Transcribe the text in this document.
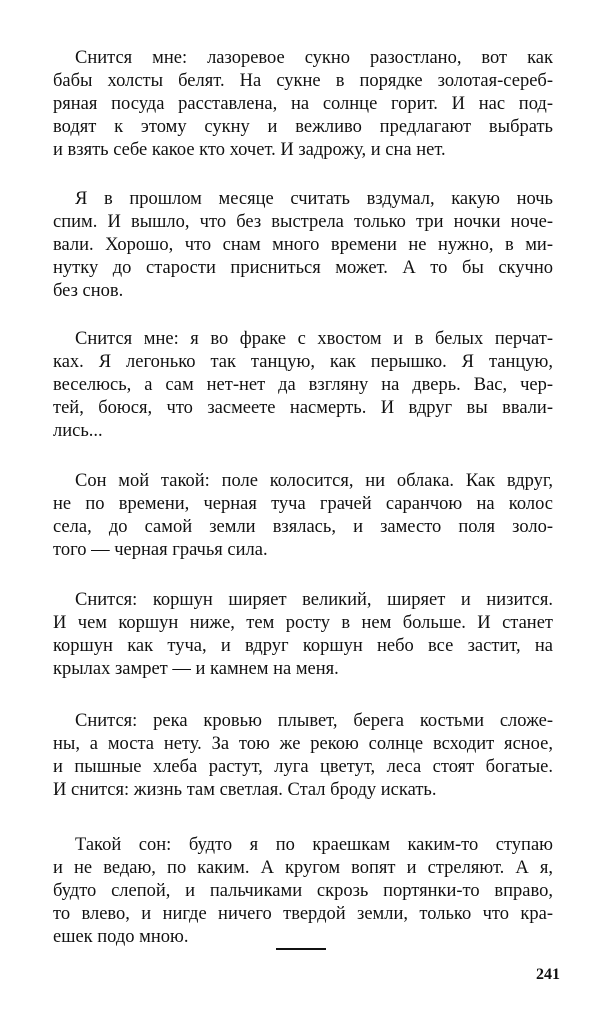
Снится мне: лазоревое сукно разостлано, вот как
бабы холсты белят. На сукне в порядке золотая-сереб-
ряная посуда расставлена, на солнце горит. И нас под-
водят к этому сукну и вежливо предлагают выбрать
и взять себе какое кто хочет. И задрожу, и сна нет.
Я в прошлом месяце считать вздумал, какую ночь
спим. И вышло, что без выстрела только три ночки ноче-
вали. Хорошо, что снам много времени не нужно, в ми-
нутку до старости присниться может. А то бы скучно
без снов.
Снится мне: я во фраке с хвостом и в белых перчат-
ках. Я легонько так танцую, как перышко. Я танцую,
веселюсь, а сам нет-нет да взгляну на дверь. Вас, чер-
тей, боюся, что засмеете насмерть. И вдруг вы ввали-
лись...
Сон мой такой: поле колосится, ни облака. Как вдруг,
не по времени, черная туча грачей саранчою на колос
села, до самой земли взялась, и заместо поля золо-
того — черная грачья сила.
Снится: коршун ширяет великий, ширяет и низится.
И чем коршун ниже, тем росту в нем больше. И станет
коршун как туча, и вдруг коршун небо все застит, на
крылах замрет — и камнем на меня.
Снится: река кровью плывет, берега костьми сложе-
ны, а моста нету. За тою же рекою солнце всходит ясное,
и пышные хлеба растут, луга цветут, леса стоят богатые.
И снится: жизнь там светлая. Стал броду искать.
Такой сон: будто я по краешкам каким-то ступаю
и не ведаю, по каким. А кругом вопят и стреляют. А я,
будто слепой, и пальчиками скрозь портянки-то вправо,
то влево, и нигде ничего твердой земли, только что кра-
ешек подо мною.
241
